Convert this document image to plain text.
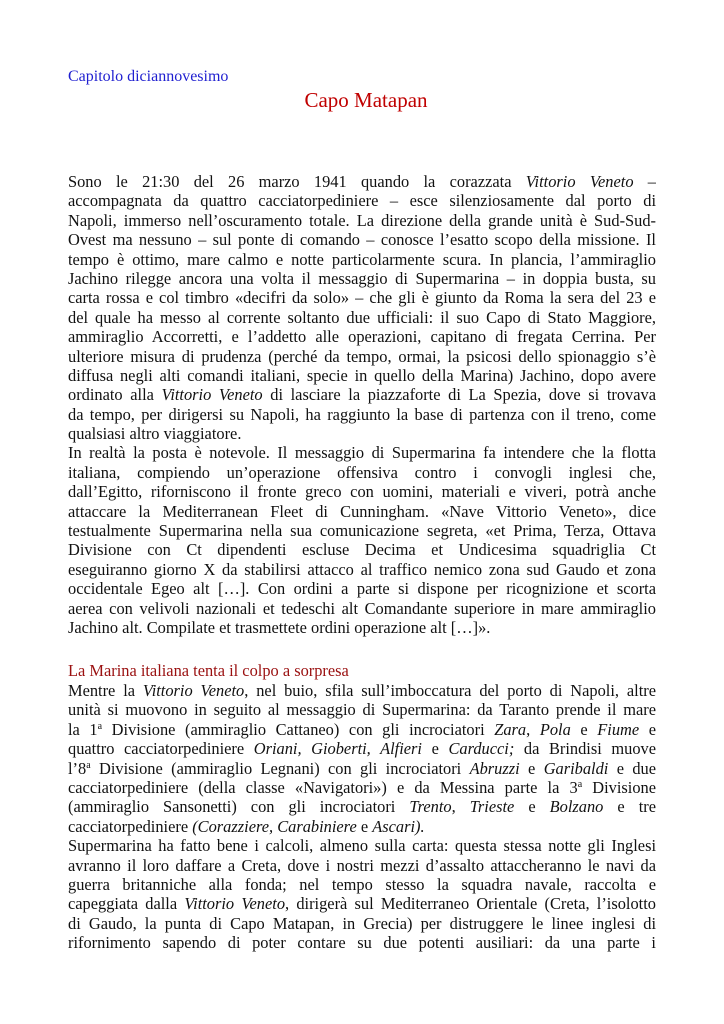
Capitolo diciannovesimo
Capo Matapan
Sono le 21:30 del 26 marzo 1941 quando la corazzata Vittorio Veneto –
accompagnata da quattro cacciatorpediniere – esce silenziosamente dal porto di
Napoli, immerso nell’oscuramento totale. La direzione della grande unità è Sud-Sud-
Ovest ma nessuno – sul ponte di comando – conosce l’esatto scopo della missione. Il
tempo è ottimo, mare calmo e notte particolarmente scura. In plancia, l’ammiraglio
Jachino rilegge ancora una volta il messaggio di Supermarina – in doppia busta, su
carta rossa e col timbro «decifri da solo» – che gli è giunto da Roma la sera del 23 e
del quale ha messo al corrente soltanto due ufficiali: il suo Capo di Stato Maggiore,
ammiraglio Accorretti, e l’addetto alle operazioni, capitano di fregata Cerrina. Per
ulteriore misura di prudenza (perché da tempo, ormai, la psicosi dello spionaggio s’è
diffusa negli alti comandi italiani, specie in quello della Marina) Jachino, dopo avere
ordinato alla Vittorio Veneto di lasciare la piazzaforte di La Spezia, dove si trovava
da tempo, per dirigersi su Napoli, ha raggiunto la base di partenza con il treno, come
qualsiasi altro viaggiatore.
In realtà la posta è notevole. Il messaggio di Supermarina fa intendere che la flotta
italiana, compiendo un’operazione offensiva contro i convogli inglesi che,
dall’Egitto, riforniscono il fronte greco con uomini, materiali e viveri, potrà anche
attaccare la Mediterranean Fleet di Cunningham. «Nave Vittorio Veneto», dice
testualmente Supermarina nella sua comunicazione segreta, «et Prima, Terza, Ottava
Divisione con Ct dipendenti escluse Decima et Undicesima squadriglia Ct
eseguiranno giorno X da stabilirsi attacco al traffico nemico zona sud Gaudo et zona
occidentale Egeo alt […]. Con ordini a parte si dispone per ricognizione et scorta
aerea con velivoli nazionali et tedeschi alt Comandante superiore in mare ammiraglio
Jachino alt. Compilate et trasmettete ordini operazione alt […]».
La Marina italiana tenta il colpo a sorpresa
Mentre la Vittorio Veneto, nel buio, sfila sull’imboccatura del porto di Napoli, altre
unità si muovono in seguito al messaggio di Supermarina: da Taranto prende il mare
la 1$^a$ Divisione (ammiraglio Cattaneo) con gli incrociatori Zara, Pola e Fiume e
quattro cacciatorpediniere Oriani, Gioberti, Alfieri e Carducci; da Brindisi muove
l’8$^a$ Divisione (ammiraglio Legnani) con gli incrociatori Abruzzi e Garibaldi e due
cacciatorpediniere (della classe «Navigatori») e da Messina parte la 3$^a$ Divisione
(ammiraglio Sansonetti) con gli incrociatori Trento, Trieste e Bolzano e tre
cacciatorpediniere (Corazziere, Carabiniere e Ascari).
Supermarina ha fatto bene i calcoli, almeno sulla carta: questa stessa notte gli Inglesi
avranno il loro daffare a Creta, dove i nostri mezzi d’assalto attaccheranno le navi da
guerra britanniche alla fonda; nel tempo stesso la squadra navale, raccolta e
capeggiata dalla Vittorio Veneto, dirigerà sul Mediterraneo Orientale (Creta, l’isolotto
di Gaudo, la punta di Capo Matapan, in Grecia) per distruggere le linee inglesi di
rifornimento sapendo di poter contare su due potenti ausiliari: da una parte i
